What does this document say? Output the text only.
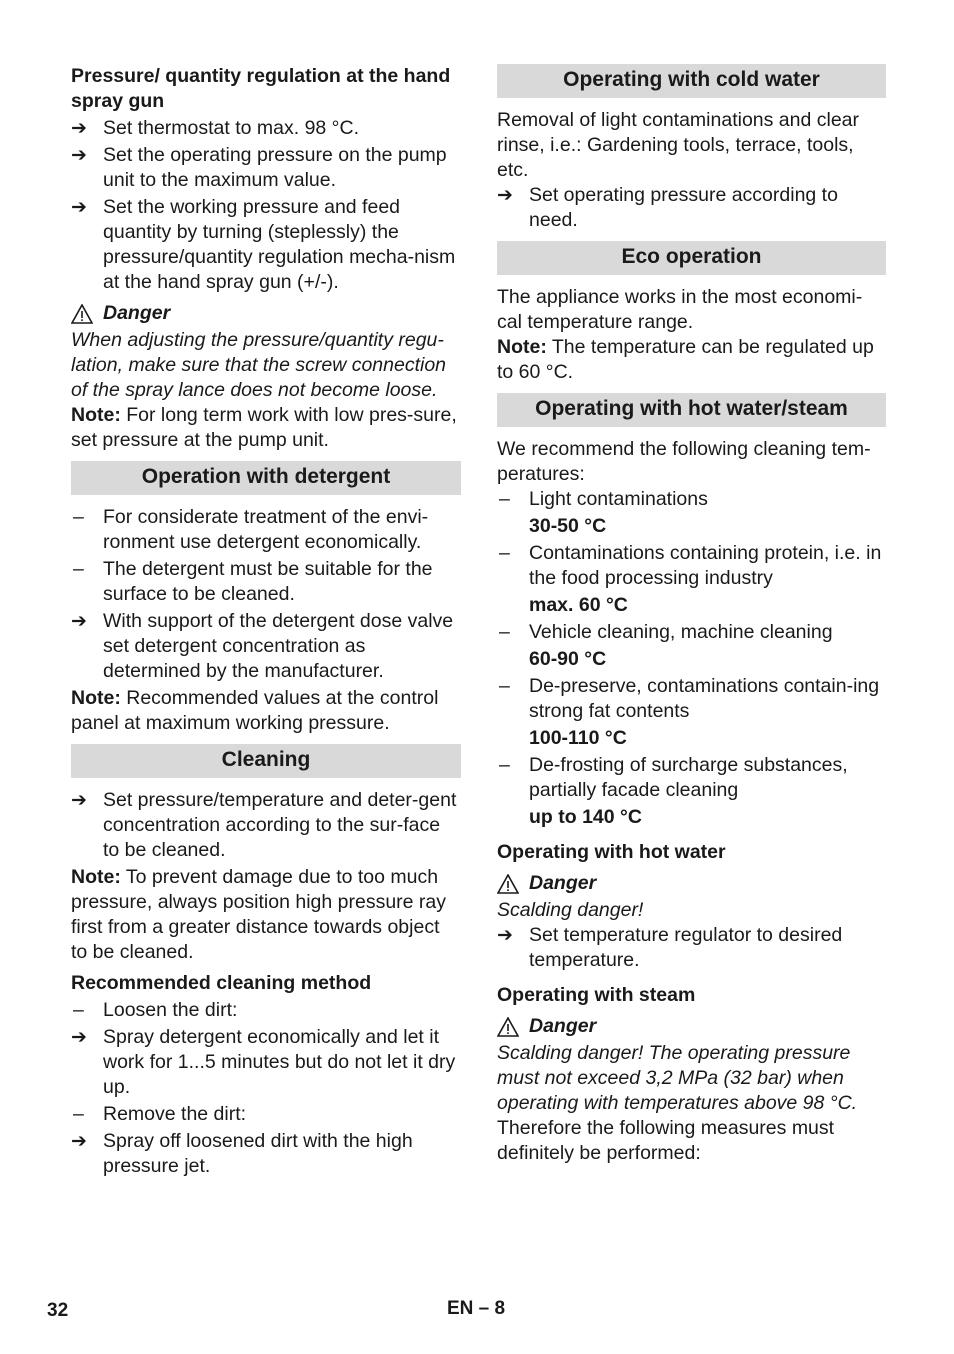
Pressure/ quantity regulation at the hand spray gun

➔ Set thermostat to max. 98 °C.
➔ Set the operating pressure on the pump unit to the maximum value.
➔ Set the working pressure and feed quantity by turning (steplessly) the pressure/quantity regulation mecha-nism at the hand spray gun (+/-).
Danger

When adjusting the pressure/quantity regu-lation, make sure that the screw connection of the spray lance does not become loose.

Note: For long term work with low pres-sure, set pressure at the pump unit.

Operation with detergent
– For considerate treatment of the envi-ronment use detergent economically.
– The detergent must be suitable for the surface to be cleaned.
➔ With support of the detergent dose valve set detergent concentration as determined by the manufacturer.

Note: Recommended values at the control panel at maximum working pressure.

Cleaning
➔ Set pressure/temperature and deter-gent concentration according to the sur-face to be cleaned.

Note: To prevent damage due to too much pressure, always position high pressure ray first from a greater distance towards object to be cleaned.

Recommended cleaning method

– Loosen the dirt:
➔ Spray detergent economically and let it work for 1...5 minutes but do not let it dry up.
– Remove the dirt:
➔ Spray off loosened dirt with the high pressure jet.
Operating with cold water

Removal of light contaminations and clear rinse, i.e.: Gardening tools, terrace, tools, etc.

➔ Set operating pressure according to need.
Eco operation

The appliance works in the most economi-cal temperature range.

Note: The temperature can be regulated up to 60 °C.

Operating with hot water/steam

We recommend the following cleaning tem-peratures:

– Light contaminations
30-50 °C
– Contaminations containing protein, i.e. in the food processing industry
max. 60 °C
– Vehicle cleaning, machine cleaning
60-90 °C
– De-preserve, contaminations contain-ing strong fat contents
100-110 °C
– De-frosting of surcharge substances, partially facade cleaning
up to 140 °C

Operating with hot water

Danger

Scalding danger!

➔ Set temperature regulator to desired temperature.

Operating with steam

Danger

Scalding danger! The operating pressure must not exceed 3,2 MPa (32 bar) when operating with temperatures above 98 °C.

Therefore the following measures must definitely be performed:

32	EN – 8
